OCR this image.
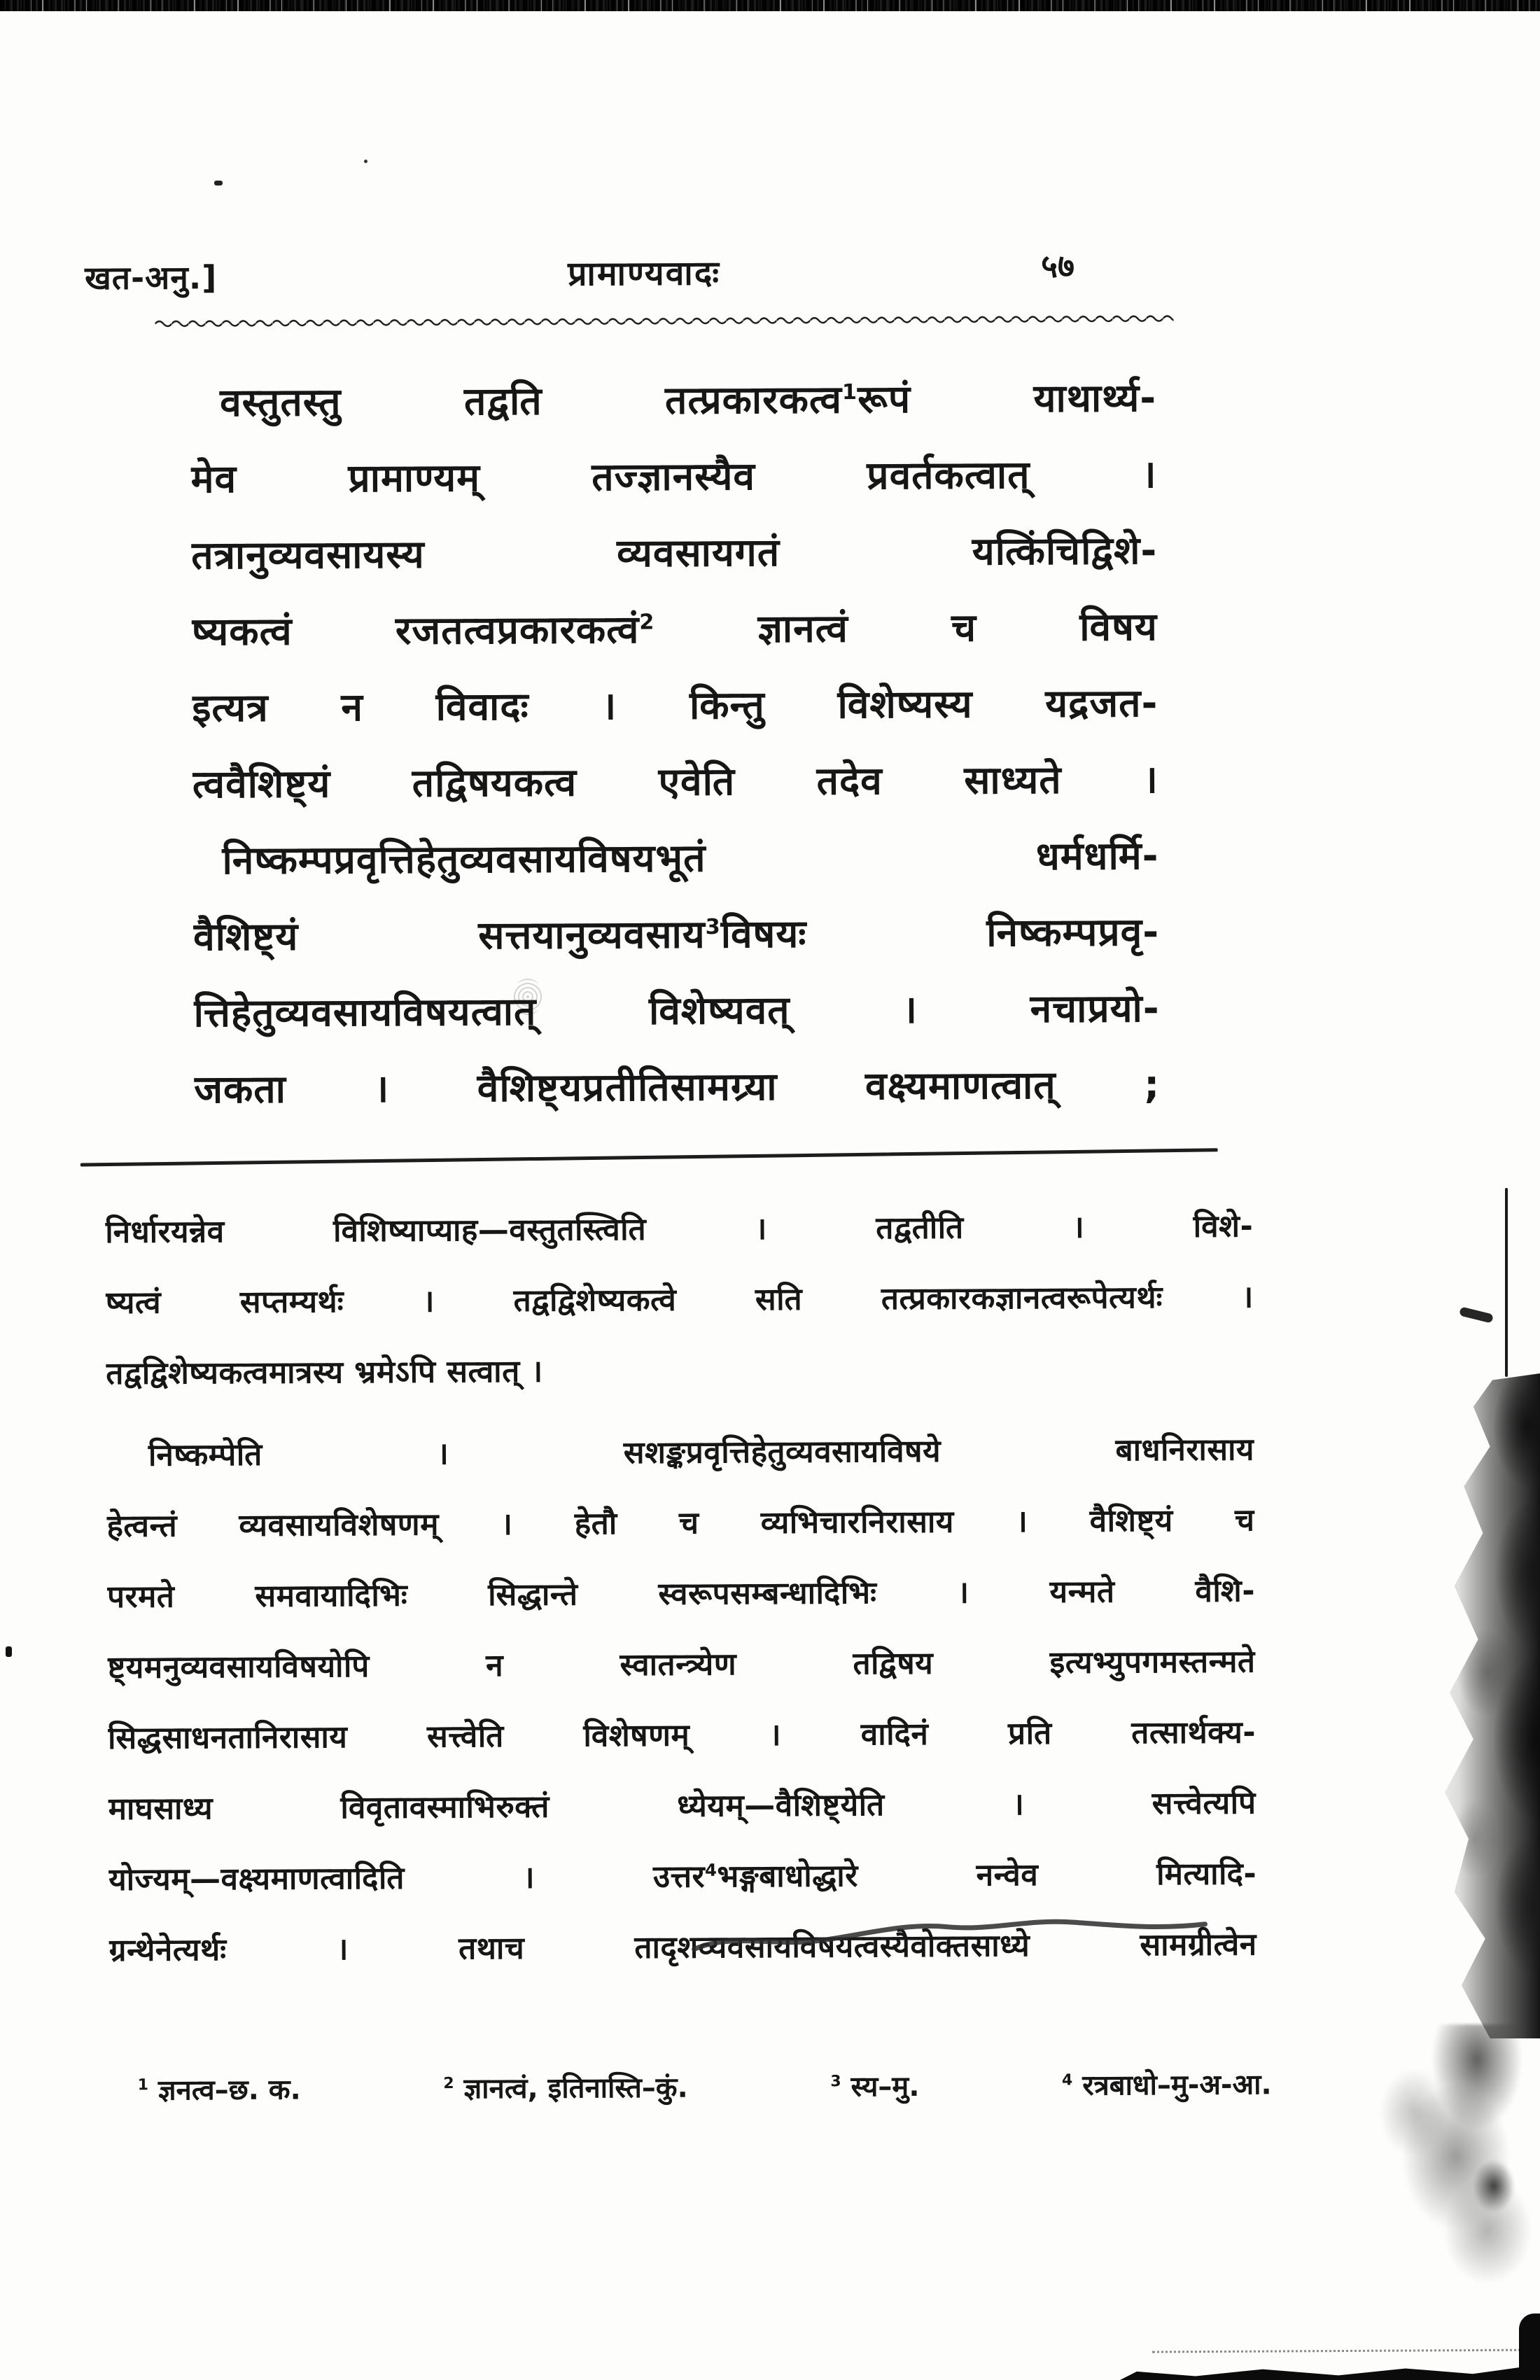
खत-अनु.]	प्रामाण्यवादः	५७
वस्तुतस्तु तद्वति तत्प्रकारकत्व$^1$रूपं याथार्थ्य-
मेव प्रामाण्यम् तज्ज्ञानस्यैव प्रवर्तकत्वात् ।
तत्रानुव्यवसायस्य व्यवसायगतं यत्किंचिद्विशे-
ष्यकत्वं रजतत्वप्रकारकत्वं$^2$ ज्ञानत्वं च विषय
इत्यत्र न विवादः । किन्तु विशेष्यस्य यद्रजत-
त्ववैशिष्ट्यं तद्विषयकत्व एवेति तदेव साध्यते ।
निष्कम्पप्रवृत्तिहेतुव्यवसायविषयभूतं धर्मधर्मि-
वैशिष्ट्यं सत्तयानुव्यवसाय$^3$विषयः निष्कम्पप्रवृ-
त्तिहेतुव्यवसायविषयत्वात् विशेष्यवत् । नचाप्रयो-
जकता । वैशिष्ट्यप्रतीतिसामग्र्या वक्ष्यमाणत्वात् ;
निर्धारयन्नेव विशिष्याप्याह—वस्तुतस्त्विति । तद्वतीति । विशे-
ष्यत्वं सप्तम्यर्थः । तद्वद्विशेष्यकत्वे सति तत्प्रकारकज्ञानत्वरूपेत्यर्थः ।
तद्वद्विशेष्यकत्वमात्रस्य भ्रमेऽपि सत्वात् ।
निष्कम्पेति । सशङ्कप्रवृत्तिहेतुव्यवसायविषये बाधनिरासाय
हेत्वन्तं व्यवसायविशेषणम् । हेतौ च व्यभिचारनिरासाय । वैशिष्ट्यं च
परमते समवायादिभिः सिद्धान्ते स्वरूपसम्बन्धादिभिः । यन्मते वैशि-
ष्ट्यमनुव्यवसायविषयोपि न स्वातन्त्र्येण तद्विषय इत्यभ्युपगमस्तन्मते
सिद्धसाधनतानिरासाय सत्त्वेति विशेषणम् । वादिनं प्रति तत्सार्थक्य-
माघसाध्य विवृतावस्माभिरुक्तं ध्येयम्—वैशिष्ट्येति । सत्त्वेत्यपि
योज्यम्—वक्ष्यमाणत्वादिति । उत्तर$^4$भङ्गबाधोद्धारे नन्वेव मित्यादि-
ग्रन्थेनेत्यर्थः । तथाच तादृशव्यवसायविषयत्वस्यैवोक्तसाध्ये सामग्रीत्वेन
$^1$ ज्ञनत्व–छ. क.	$^2$ ज्ञानत्वं, इतिनास्ति–कुं.	$^3$ स्य–मु.	$^4$ रत्रबाधो–मु-अ-आ.
